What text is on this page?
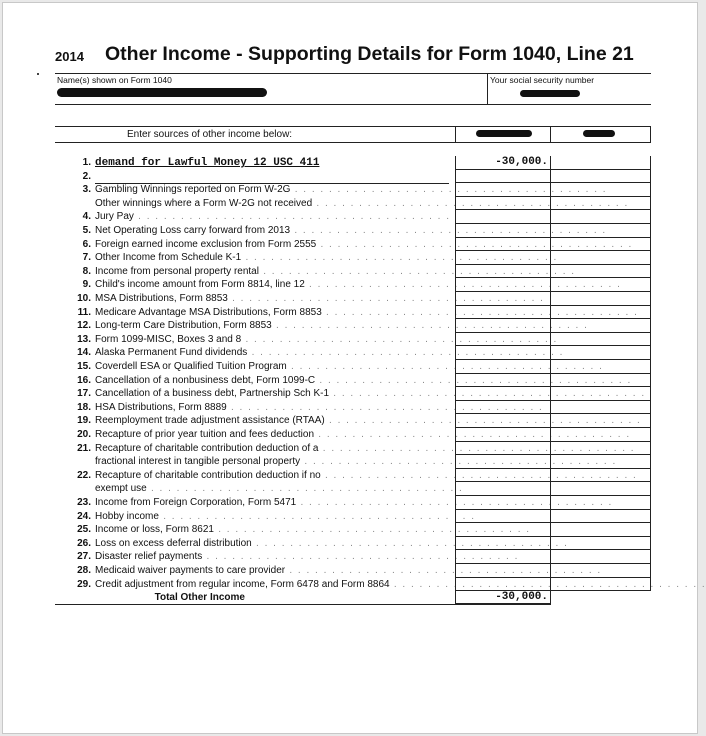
2014 Other Income - Supporting Details for Form 1040, Line 21
Name(s) shown on Form 1040	Your social security number
Enter sources of other income below:
1. demand for Lawful Money 12 USC 411	-30,000.
2.
3. Gambling Winnings reported on Form W-2G . . . . . . . . . . . . . . . . . . . . . . . . . . . . . . . . . . . . .
Other winnings where a Form W-2G not received . . . . . . . . . . . . . . . . . . . . . . . . . . . . . . . . . . . . .
4. Jury Pay . . . . . . . . . . . . . . . . . . . . . . . . . . . . . . . . . . . . .
5. Net Operating Loss carry forward from 2013 . . . . . . . . . . . . . . . . . . . . . . . . . . . . . . . . . . . . .
6. Foreign earned income exclusion from Form 2555 . . . . . . . . . . . . . . . . . . . . . . . . . . . . . . . . . . . . .
7. Other Income from Schedule K-1 . . . . . . . . . . . . . . . . . . . . . . . . . . . . . . . . . . . . .
8. Income from personal property rental . . . . . . . . . . . . . . . . . . . . . . . . . . . . . . . . . . . . .
9. Child's income amount from Form 8814, line 12 . . . . . . . . . . . . . . . . . . . . . . . . . . . . . . . . . . . . .
10. MSA Distributions, Form 8853 . . . . . . . . . . . . . . . . . . . . . . . . . . . . . . . . . . . . .
11. Medicare Advantage MSA Distributions, Form 8853 . . . . . . . . . . . . . . . . . . . . . . . . . . . . . . . . . . . . .
12. Long-term Care Distribution, Form 8853 . . . . . . . . . . . . . . . . . . . . . . . . . . . . . . . . . . . . .
13. Form 1099-MISC, Boxes 3 and 8 . . . . . . . . . . . . . . . . . . . . . . . . . . . . . . . . . . . . .
14. Alaska Permanent Fund dividends . . . . . . . . . . . . . . . . . . . . . . . . . . . . . . . . . . . . .
15. Coverdell ESA or Qualified Tuition Program . . . . . . . . . . . . . . . . . . . . . . . . . . . . . . . . . . . . .
16. Cancellation of a nonbusiness debt, Form 1099-C . . . . . . . . . . . . . . . . . . . . . . . . . . . . . . . . . . . . .
17. Cancellation of a business debt, Partnership Sch K-1 . . . . . . . . . . . . . . . . . . . . . . . . . . . . . . . . . . . . .
18. HSA Distributions, Form 8889 . . . . . . . . . . . . . . . . . . . . . . . . . . . . . . . . . . . . .
19. Reemployment trade adjustment assistance (RTAA) . . . . . . . . . . . . . . . . . . . . . . . . . . . . . . . . . . . . .
20. Recapture of prior year tuition and fees deduction . . . . . . . . . . . . . . . . . . . . . . . . . . . . . . . . . . . . .
21. Recapture of charitable contribution deduction of a . . . . . . . . . . . . . . . . . . . . . . . . . . . . . . . . . . . . .
fractional interest in tangible personal property . . . . . . . . . . . . . . . . . . . . . . . . . . . . . . . . . . . . .
22. Recapture of charitable contribution deduction if no . . . . . . . . . . . . . . . . . . . . . . . . . . . . . . . . . . . . .
exempt use . . . . . . . . . . . . . . . . . . . . . . . . . . . . . . . . . . . . .
23. Income from Foreign Corporation, Form 5471 . . . . . . . . . . . . . . . . . . . . . . . . . . . . . . . . . . . . .
24. Hobby income . . . . . . . . . . . . . . . . . . . . . . . . . . . . . . . . . . . . .
25. Income or loss, Form 8621 . . . . . . . . . . . . . . . . . . . . . . . . . . . . . . . . . . . . .
26. Loss on excess deferral distribution . . . . . . . . . . . . . . . . . . . . . . . . . . . . . . . . . . . . .
27. Disaster relief payments . . . . . . . . . . . . . . . . . . . . . . . . . . . . . . . . . . . . .
28. Medicaid waiver payments to care provider . . . . . . . . . . . . . . . . . . . . . . . . . . . . . . . . . . . . .
29. Credit adjustment from regular income, Form 6478 and Form 8864 . . . . . . . . . . . . . . . . . . . . . . . . . . . . . . . . . . . . .
Total Other Income	-30,000.
